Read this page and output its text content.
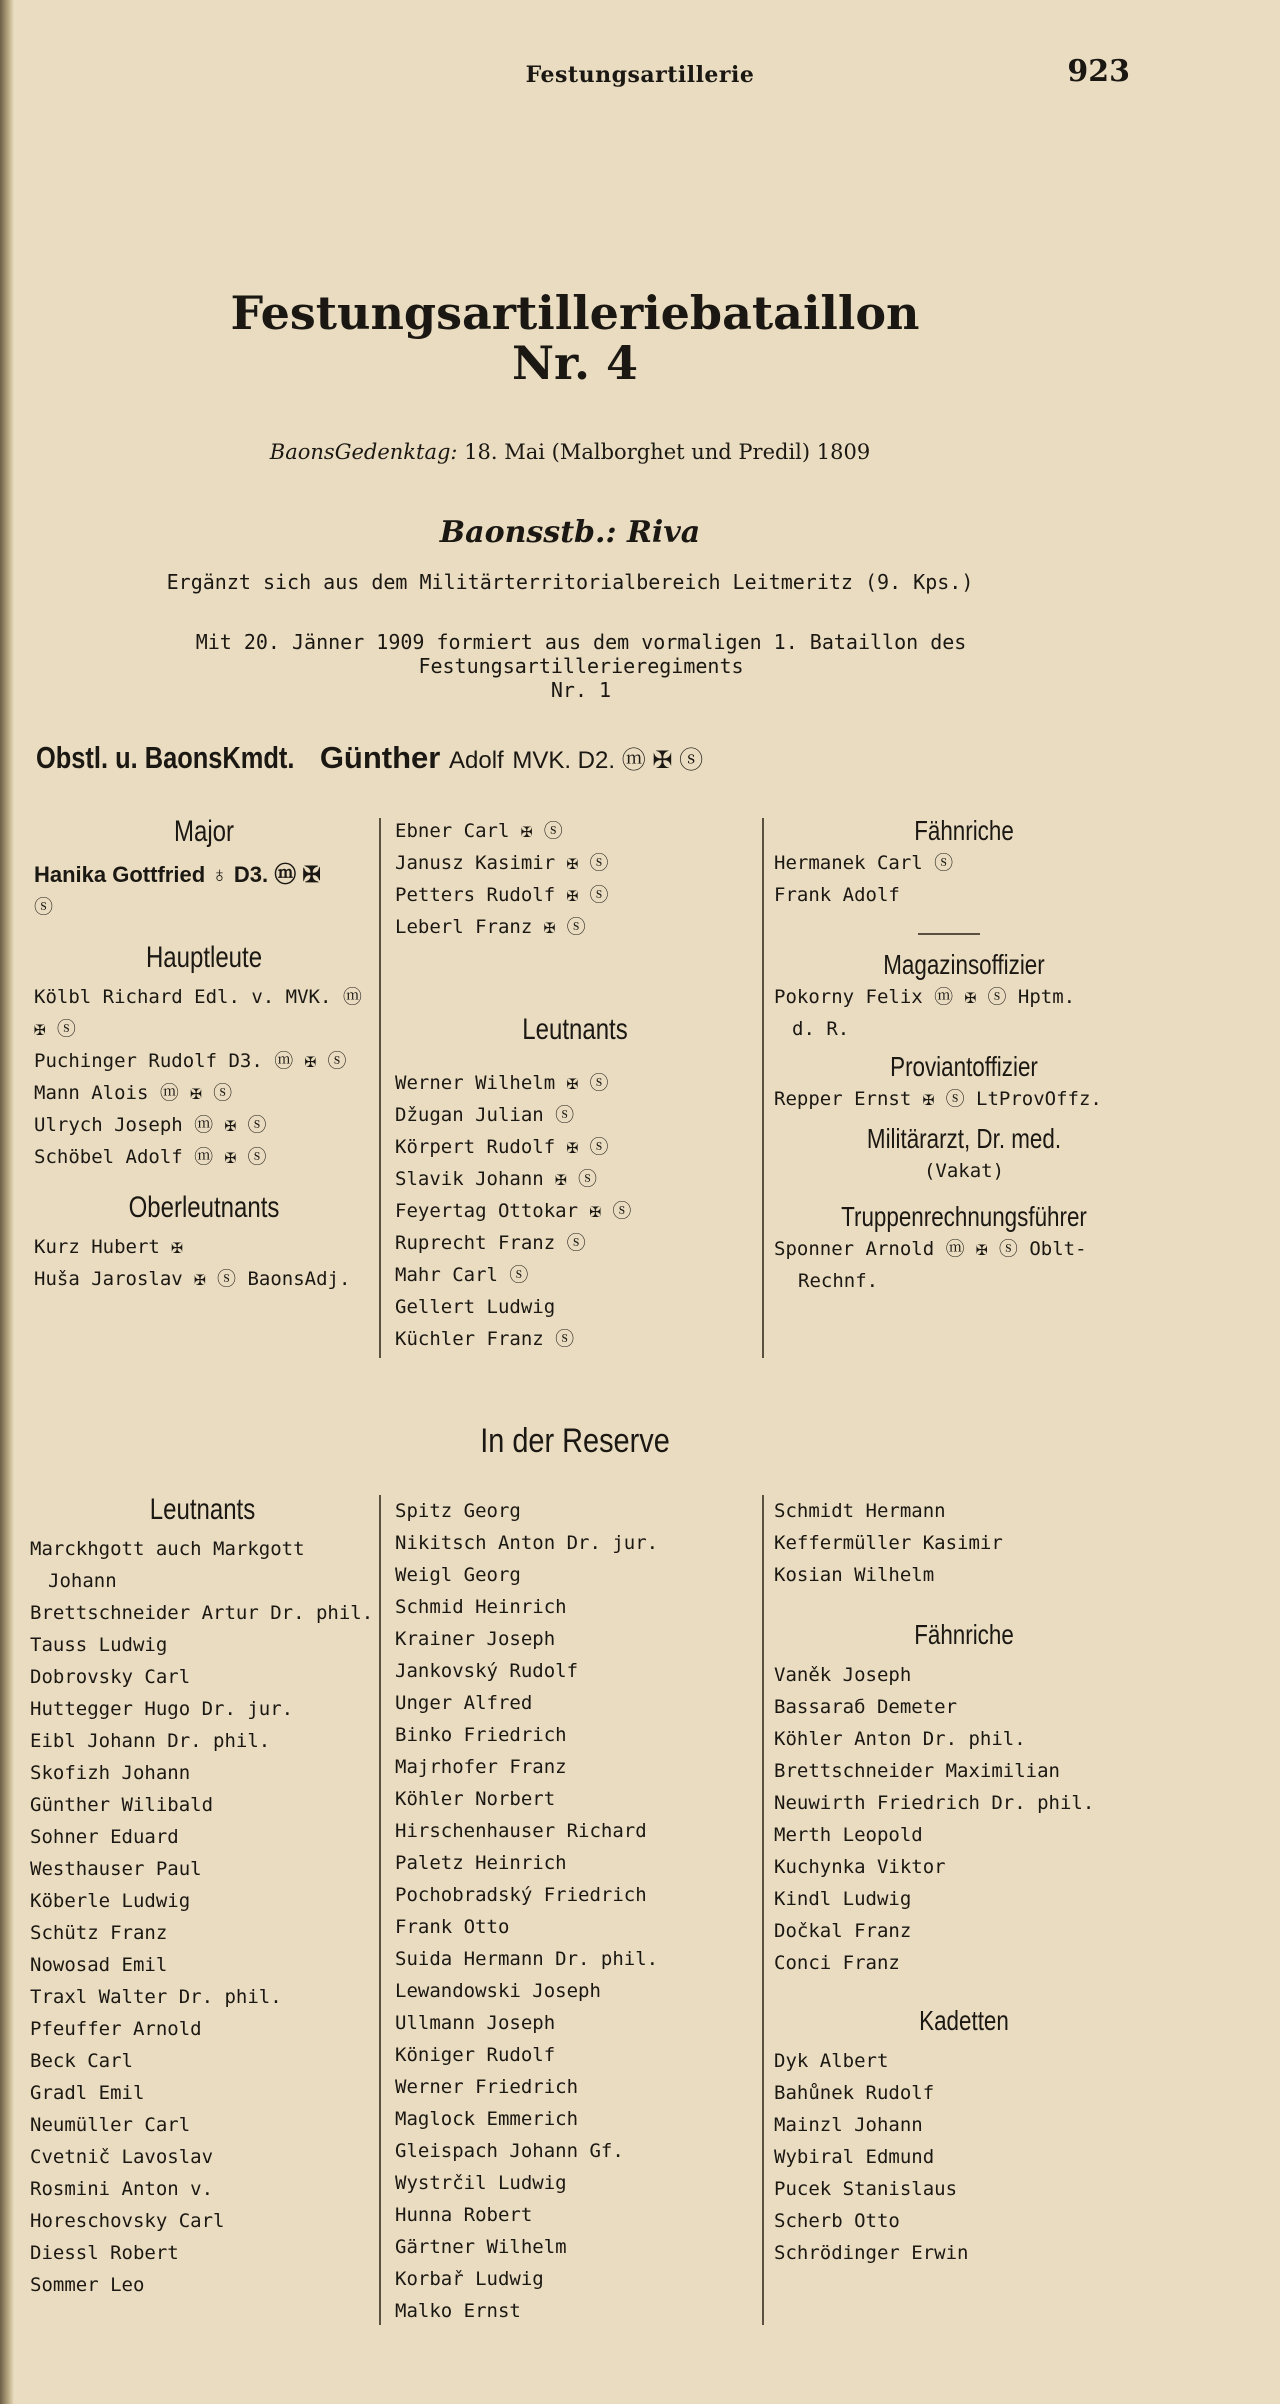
Festungsartillerie	923
Festungsartilleriebataillon
Nr. 4
BaonsGedenktag: 18. Mai (Malborghet und Predil) 1809
Baonsstb.: Riva
Ergänzt sich aus dem Militärterritorialbereich Leitmeritz (9. Kps.)
Mit 20. Jänner 1909 formiert aus dem vormaligen 1. Bataillon des Festungsartillerieregiments
Nr. 1
Obstl. u. BaonsKmdt. Günther Adolf MVK. D2. ⓜ ✠ ⓢ
Major
Hanika Gottfried ♁ D3. ⓜ ✠
ⓢ
Hauptleute
Kölbl Richard Edl. v. MVK. ⓜ
✠ ⓢ
Puchinger Rudolf D3. ⓜ ✠ ⓢ
Mann Alois ⓜ ✠ ⓢ
Ulrych Joseph ⓜ ✠ ⓢ
Schöbel Adolf ⓜ ✠ ⓢ
Oberleutnants
Kurz Hubert ✠
Huša Jaroslav ✠ ⓢ BaonsAdj.
Ebner Carl ✠ ⓢ
Janusz Kasimir ✠ ⓢ
Petters Rudolf ✠ ⓢ
Leberl Franz ✠ ⓢ
Leutnants
Werner Wilhelm ✠ ⓢ
Džugan Julian ⓢ
Körpert Rudolf ✠ ⓢ
Slavik Johann ✠ ⓢ
Feyertag Ottokar ✠ ⓢ
Ruprecht Franz ⓢ
Mahr Carl ⓢ
Gellert Ludwig
Küchler Franz ⓢ
Fähnriche
Hermanek Carl ⓢ
Frank Adolf
Magazinsoffizier
Pokorny Felix ⓜ ✠ ⓢ Hptm.
d. R.
Proviantoffizier
Repper Ernst ✠ ⓢ LtProvOffz.
Militärarzt, Dr. med.
(Vakat)
Truppenrechnungsführer
Sponner Arnold ⓜ ✠ ⓢ Oblt-
Rechnf.
In der Reserve
Leutnants
Marckhgott auch Markgott
Johann
Brettschneider Artur Dr. phil.
Tauss Ludwig
Dobrovsky Carl
Huttegger Hugo Dr. jur.
Eibl Johann Dr. phil.
Skofizh Johann
Günther Wilibald
Sohner Eduard
Westhauser Paul
Köberle Ludwig
Schütz Franz
Nowosad Emil
Traxl Walter Dr. phil.
Pfeuffer Arnold
Beck Carl
Gradl Emil
Neumüller Carl
Cvetnič Lavoslav
Rosmini Anton v.
Horeschovsky Carl
Diessl Robert
Sommer Leo
Spitz Georg
Nikitsch Anton Dr. jur.
Weigl Georg
Schmid Heinrich
Krainer Joseph
Jankovský Rudolf
Unger Alfred
Binko Friedrich
Majrhofer Franz
Köhler Norbert
Hirschenhauser Richard
Paletz Heinrich
Pochobradský Friedrich
Frank Otto
Suida Hermann Dr. phil.
Lewandowski Joseph
Ullmann Joseph
Königer Rudolf
Werner Friedrich
Maglock Emmerich
Gleispach Johann Gf.
Wystrčil Ludwig
Hunna Robert
Gärtner Wilhelm
Korbař Ludwig
Malko Ernst
Schmidt Hermann
Keffermüller Kasimir
Kosian Wilhelm
Fähnriche
Vaněk Joseph
Bassaraб Demeter
Köhler Anton Dr. phil.
Brettschneider Maximilian
Neuwirth Friedrich Dr. phil.
Merth Leopold
Kuchynka Viktor
Kindl Ludwig
Dočkal Franz
Conci Franz
Kadetten
Dyk Albert
Bahůnek Rudolf
Mainzl Johann
Wybiral Edmund
Pucek Stanislaus
Scherb Otto
Schrödinger Erwin
